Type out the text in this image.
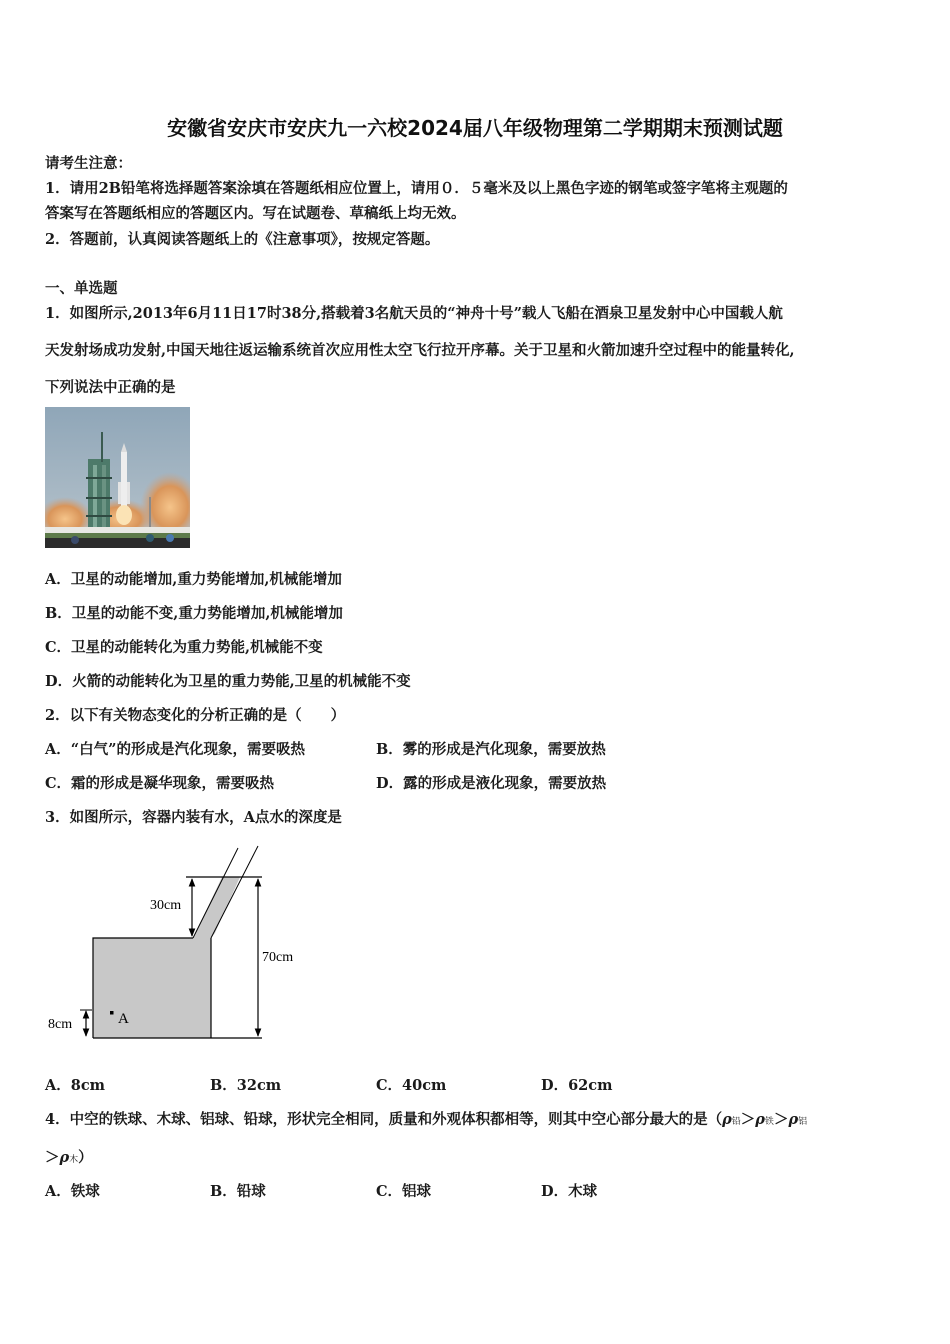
安徽省安庆市安庆九一六校2024届八年级物理第二学期期末预测试题
请考生注意：
1．请用2B铅笔将选择题答案涂填在答题纸相应位置上，请用０．５毫米及以上黑色字迹的钢笔或签字笔将主观题的
答案写在答题纸相应的答题区内。写在试题卷、草稿纸上均无效。
2．答题前，认真阅读答题纸上的《注意事项》，按规定答题。
一、单选题
1．如图所示,2013年6月11日17时38分,搭载着3名航天员的“神舟十号”载人飞船在酒泉卫星发射中心中国载人航
天发射场成功发射,中国天地往返运输系统首次应用性太空飞行拉开序幕。关于卫星和火箭加速升空过程中的能量转化,
下列说法中正确的是
A．卫星的动能增加,重力势能增加,机械能增加
B．卫星的动能不变,重力势能增加,机械能增加
C．卫星的动能转化为重力势能,机械能不变
D．火箭的动能转化为卫星的重力势能,卫星的机械能不变
2．以下有关物态变化的分析正确的是（　　）
A．“白气”的形成是汽化现象，需要吸热	B．雾的形成是汽化现象，需要放热
C．霜的形成是凝华现象，需要吸热	D．露的形成是液化现象，需要放热
3．如图所示，容器内装有水，A点水的深度是
30cm
70cm
8cm	A
A．8cm	B．32cm	C．40cm	D．62cm
4．中空的铁球、木球、铝球、铅球，形状完全相同，质量和外观体积都相等，则其中空心部分最大的是（ρ铅＞ρ铁＞ρ铝
＞ρ木）
A．铁球	B．铅球	C．铝球	D．木球
